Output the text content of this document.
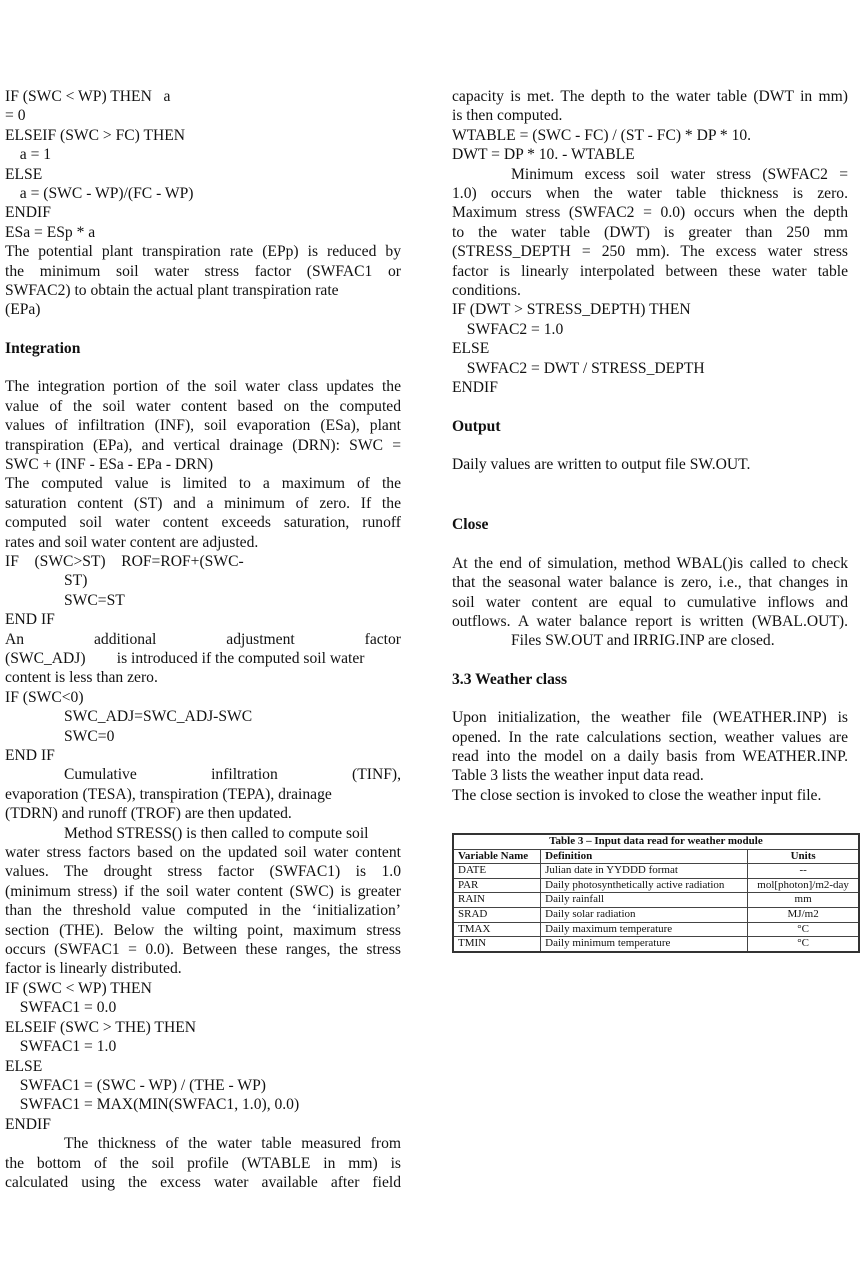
IF (SWC < WP) THEN   a

= 0

ELSEIF (SWC > FC) THEN

a = 1

ELSE

a = (SWC - WP)/(FC - WP)

ENDIF

ESa = ESp * a

The potential plant transpiration rate (EPp) is reduced by

the minimum soil water stress factor (SWFAC1 or

SWFAC2) to obtain the actual plant transpiration rate

(EPa)

Integration

The integration portion of the soil water class updates the

value of the soil water content based on the computed

values of infiltration (INF), soil evaporation (ESa), plant

transpiration (EPa), and vertical drainage (DRN): SWC =

SWC + (INF - ESa - EPa - DRN)

The computed value is limited to a maximum of the

saturation content (ST) and a minimum of zero. If the

computed soil water content exceeds saturation, runoff

rates and soil water content are adjusted.

IF    (SWC>ST)    ROF=ROF+(SWC-

ST)

SWC=ST

END IF

An additional adjustment factor

(SWC_ADJ)        is introduced if the computed soil water

content is less than zero.

IF (SWC<0)

SWC_ADJ=SWC_ADJ-SWC

SWC=0

END IF

Cumulative infiltration (TINF),

evaporation (TESA), transpiration (TEPA), drainage

(TDRN) and runoff (TROF) are then updated.

Method STRESS() is then called to compute soil

water stress factors based on the updated soil water content

values. The drought stress factor (SWFAC1) is 1.0

(minimum stress) if the soil water content (SWC) is greater

than the threshold value computed in the ‘initialization’

section (THE). Below the wilting point, maximum stress

occurs (SWFAC1 = 0.0). Between these ranges, the stress

factor is linearly distributed.

IF (SWC < WP) THEN

SWFAC1 = 0.0

ELSEIF (SWC > THE) THEN

SWFAC1 = 1.0

ELSE

SWFAC1 = (SWC - WP) / (THE - WP)

SWFAC1 = MAX(MIN(SWFAC1, 1.0), 0.0)

ENDIF

The thickness of the water table measured from

the bottom of the soil profile (WTABLE in mm) is

calculated using the excess water available after field

capacity is met. The depth to the water table (DWT in mm)

is then computed.

WTABLE = (SWC - FC) / (ST - FC) * DP * 10.

DWT = DP * 10. - WTABLE

Minimum excess soil water stress (SWFAC2 =

1.0) occurs when the water table thickness is zero.

Maximum stress (SWFAC2 = 0.0) occurs when the depth

to the water table (DWT) is greater than 250 mm

(STRESS_DEPTH = 250 mm). The excess water stress

factor is linearly interpolated between these water table

conditions.

IF (DWT > STRESS_DEPTH) THEN

SWFAC2 = 1.0

ELSE

SWFAC2 = DWT / STRESS_DEPTH

ENDIF

Output

Daily values are written to output file SW.OUT.

Close

At the end of simulation, method WBAL()is called to check

that the seasonal water balance is zero, i.e., that changes in

soil water content are equal to cumulative inflows and

outflows. A water balance report is written (WBAL.OUT).

Files SW.OUT and IRRIG.INP are closed.

3.3 Weather class

Upon initialization, the weather file (WEATHER.INP) is

opened. In the rate calculations section, weather values are

read into the model on a daily basis from WEATHER.INP.

Table 3 lists the weather input data read.

The close section is invoked to close the weather input file.

Table 3 – Input data read for weather module		
Variable Name	Definition	Units
DATE	Julian date in YYDDD format	--
PAR	Daily photosynthetically active radiation	mol[photon]/m2-day
RAIN	Daily rainfall	mm
SRAD	Daily solar radiation	MJ/m2
TMAX	Daily maximum temperature	°C
TMIN	Daily minimum temperature	°C
